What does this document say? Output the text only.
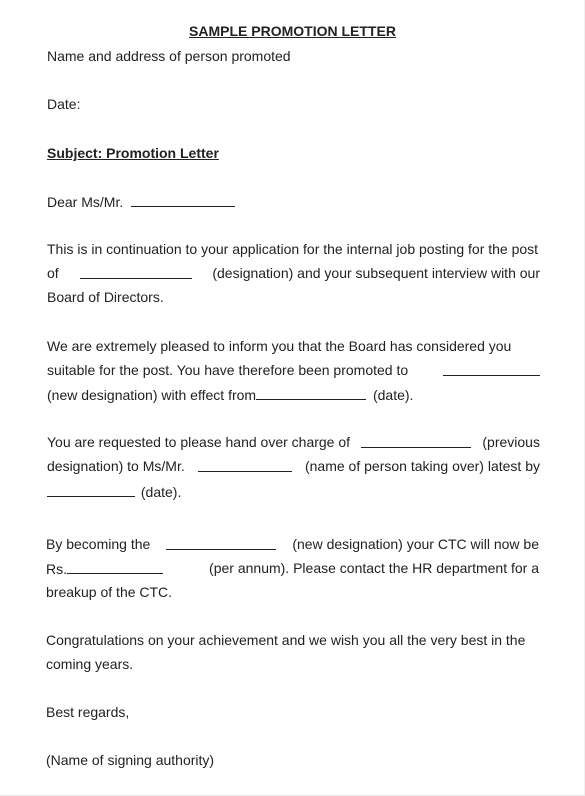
SAMPLE PROMOTION LETTER
Name and address of person promoted
Date:
Subject: Promotion Letter
Dear Ms/Mr.
This is in continuation to your application for the internal job posting for the post
of	(designation) and your subsequent interview with our
Board of Directors.
We are extremely pleased to inform you that the Board has considered you
suitable for the post. You have therefore been promoted to
(new designation) with effect from	(date).
You are requested to please hand over charge of	(previous
designation) to Ms/Mr.	(name of person taking over) latest by
(date).
By becoming the	(new designation) your CTC will now be
Rs.	(per annum). Please contact the HR department for a
breakup of the CTC.
Congratulations on your achievement and we wish you all the very best in the
coming years.
Best regards,
(Name of signing authority)
